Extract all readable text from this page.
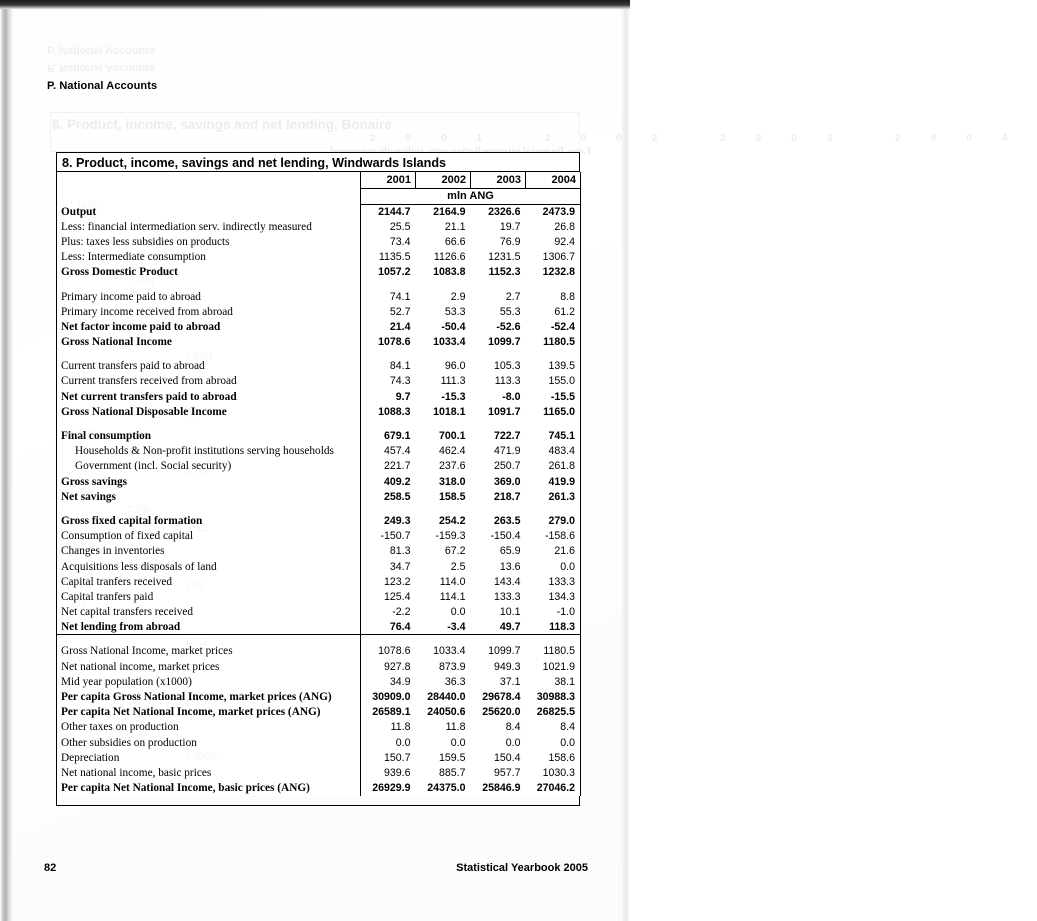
2001 2002 2003 2004
P. National Accounts
8. Product, income, savings and net lending, Windwards Islands
	2001	2002	2003	2004
	mln ANG			
Output	2144.7	2164.9	2326.6	2473.9
Less: financial intermediation serv. indirectly measured	25.5	21.1	19.7	26.8
Plus: taxes less subsidies on products	73.4	66.6	76.9	92.4
Less: Intermediate consumption	1135.5	1126.6	1231.5	1306.7
Gross Domestic Product	1057.2	1083.8	1152.3	1232.8

Primary income paid to abroad	74.1	2.9	2.7	8.8
Primary income received from abroad	52.7	53.3	55.3	61.2
Net factor income paid to abroad	21.4	-50.4	-52.6	-52.4
Gross National Income	1078.6	1033.4	1099.7	1180.5

Current transfers paid to abroad	84.1	96.0	105.3	139.5
Current transfers received from abroad	74.3	111.3	113.3	155.0
Net current transfers paid to abroad	9.7	-15.3	-8.0	-15.5
Gross National Disposable Income	1088.3	1018.1	1091.7	1165.0

Final consumption	679.1	700.1	722.7	745.1
Households & Non-profit institutions serving households	457.4	462.4	471.9	483.4
Government (incl. Social security)	221.7	237.6	250.7	261.8
Gross savings	409.2	318.0	369.0	419.9
Net savings	258.5	158.5	218.7	261.3

Gross fixed capital formation	249.3	254.2	263.5	279.0
Consumption of fixed capital	-150.7	-159.3	-150.4	-158.6
Changes in inventories	81.3	67.2	65.9	21.6
Acquisitions less disposals of land	34.7	2.5	13.6	0.0
Capital tranfers received	123.2	114.0	143.4	133.3
Capital tranfers paid	125.4	114.1	133.3	134.3
Net capital transfers received	-2.2	0.0	10.1	-1.0
Net lending from abroad	76.4	-3.4	49.7	118.3

Gross National Income, market prices	1078.6	1033.4	1099.7	1180.5
Net national income, market prices	927.8	873.9	949.3	1021.9
Mid year population (x1000)	34.9	36.3	37.1	38.1
Per capita Gross National Income, market prices (ANG)	30909.0	28440.0	29678.4	30988.3
Per capita Net National Income, market prices (ANG)	26589.1	24050.6	25620.0	26825.5
Other taxes on production	11.8	11.8	8.4	8.4
Other subsidies on production	0.0	0.0	0.0	0.0
Depreciation	150.7	159.5	150.4	158.6
Net national income, basic prices	939.6	885.7	957.7	1030.3
Per capita Net National Income, basic prices (ANG)	26929.9	24375.0	25846.9	27046.2
82	Statistical Yearbook 2005
